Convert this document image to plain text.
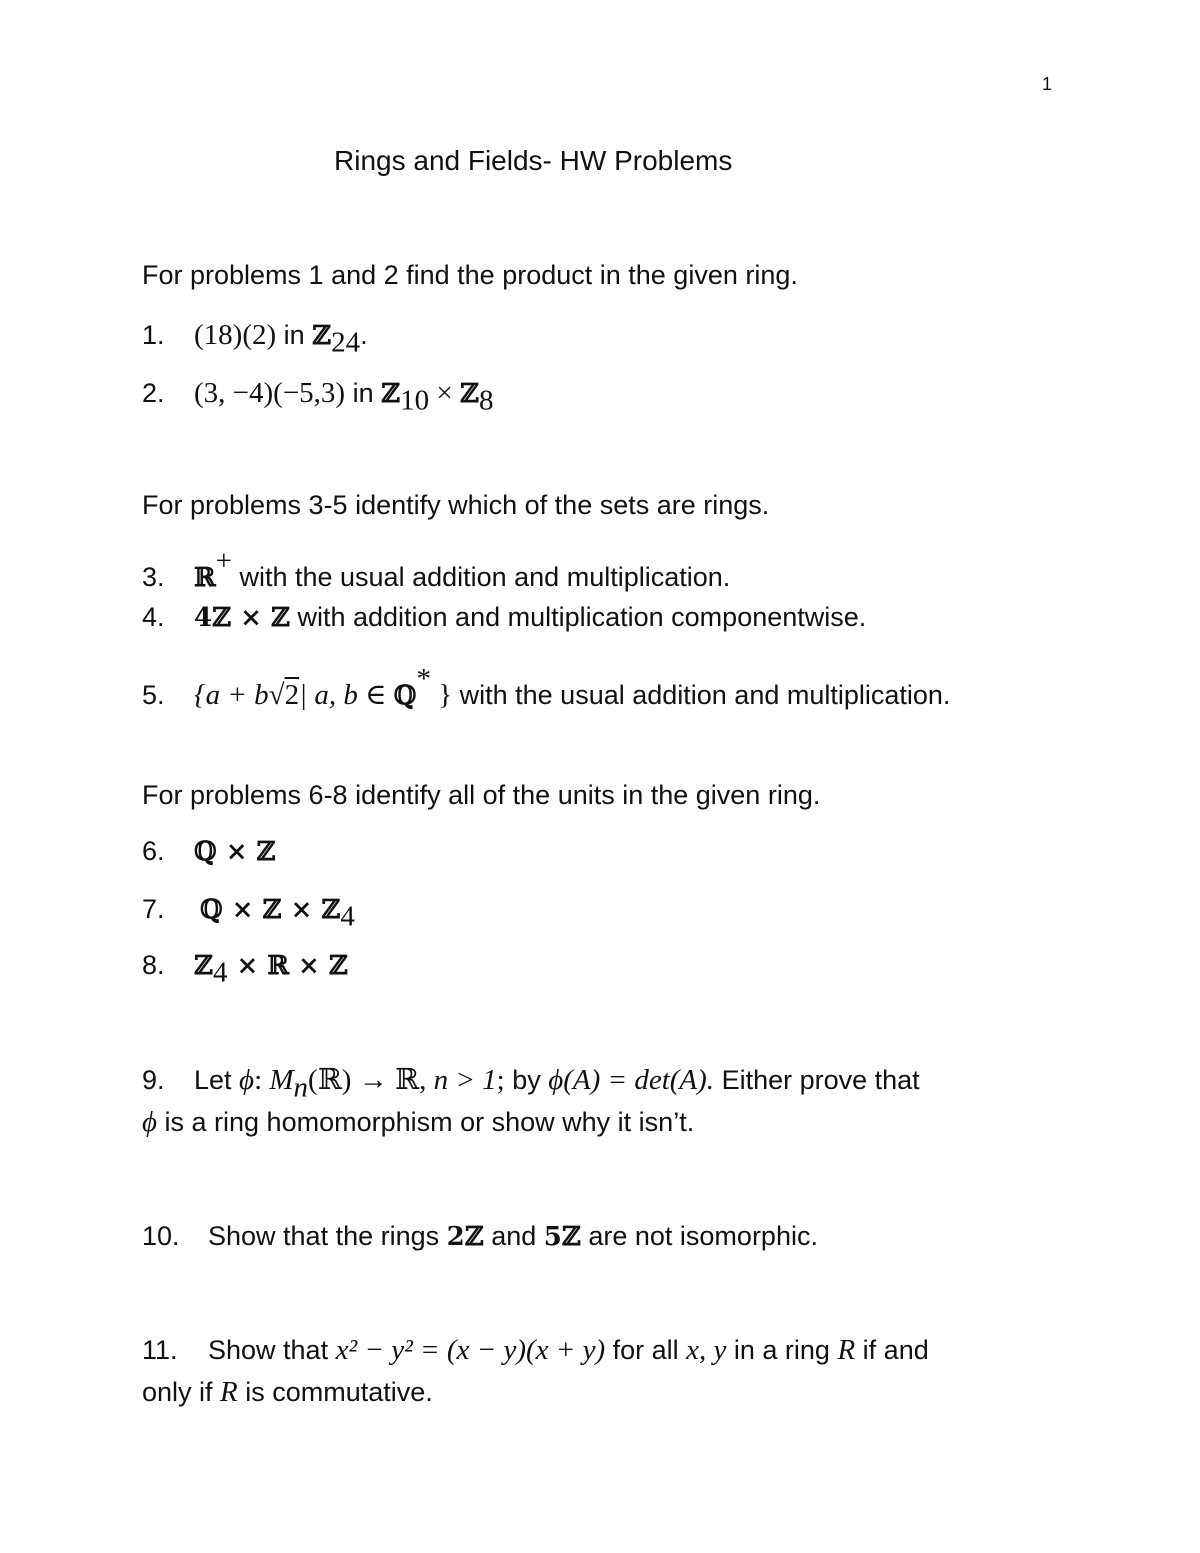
1
Rings and Fields- HW Problems
For problems 1 and 2 find the product in the given ring.
1. (18)(2) in ℤ$_{24}$.
2. (3, −4)(−5,3) in ℤ$_{10}$ × ℤ$_8$
For problems 3-5 identify which of the sets are rings.
3. ℝ+ with the usual addition and multiplication.
4. 4ℤ × ℤ with addition and multiplication componentwise.
5. {a + b√2| a, b ∈ ℚ* } with the usual addition and multiplication.
For problems 6-8 identify all of the units in the given ring.
6. ℚ × ℤ
7. ℚ × ℤ × ℤ$_4$
8. ℤ$_4$ × ℝ × ℤ
9. Let ϕ: $M_n(ℝ)$ → ℝ, n > 1; by ϕ(A) = det(A). Either prove that
ϕ is a ring homomorphism or show why it isn’t.
10. Show that the rings 2ℤ and 5ℤ are not isomorphic.
11. Show that x² − y² = (x − y)(x + y) for all x, y in a ring R if and
only if R is commutative.
